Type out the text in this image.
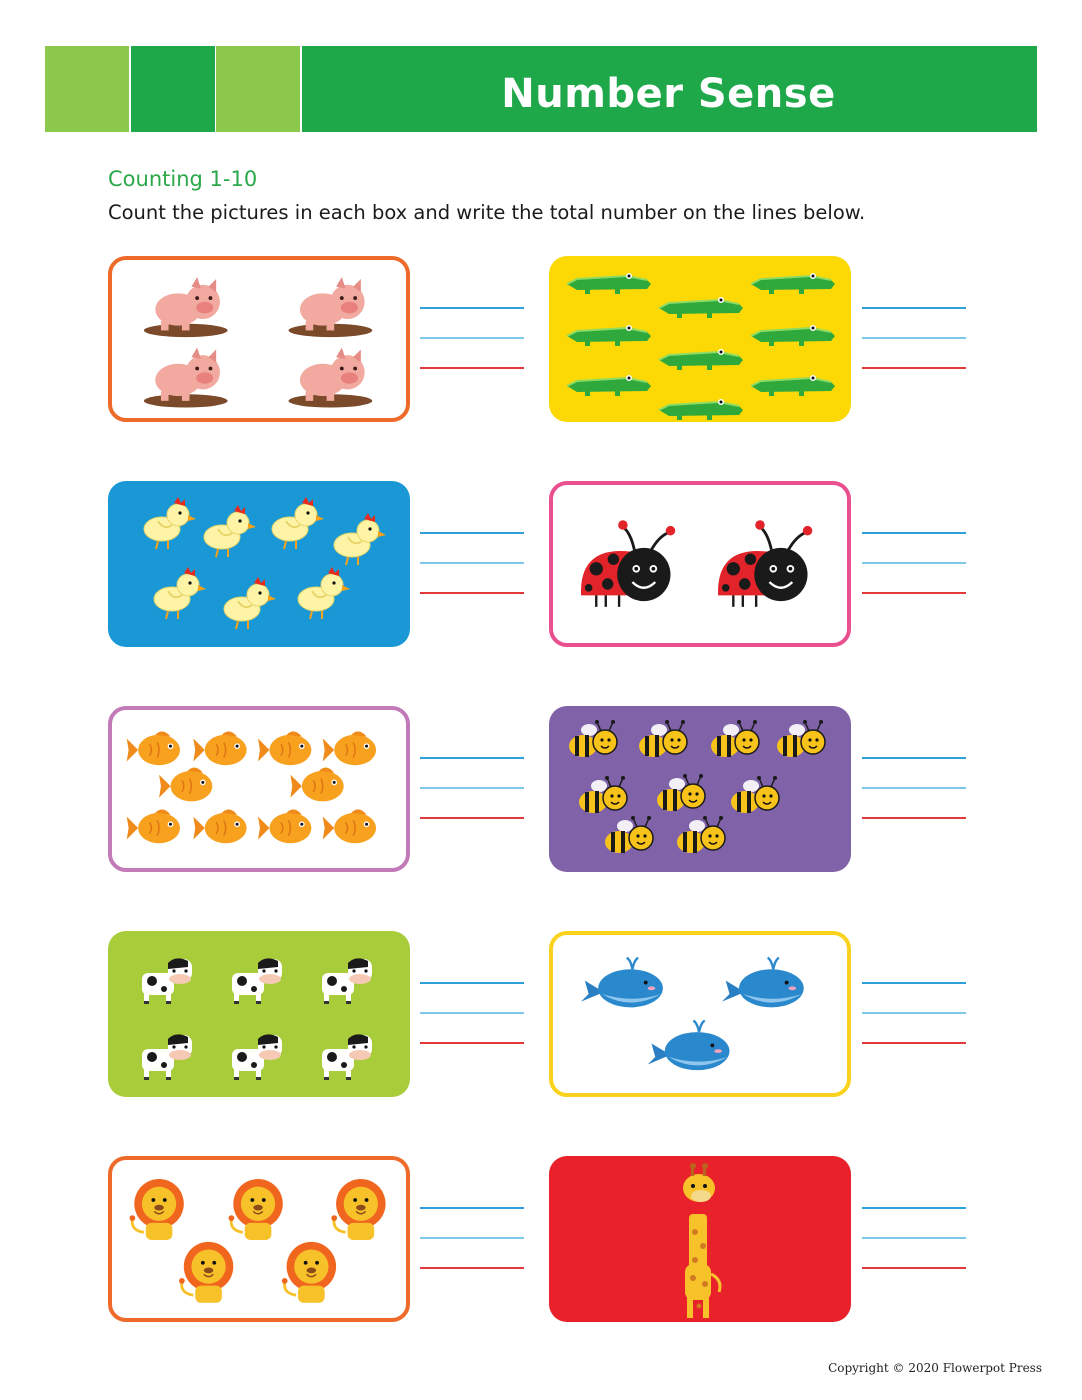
Number Sense
Counting 1-10
Count the pictures in each box and write the total number on the lines below.
Copyright © 2020 Flowerpot Press
